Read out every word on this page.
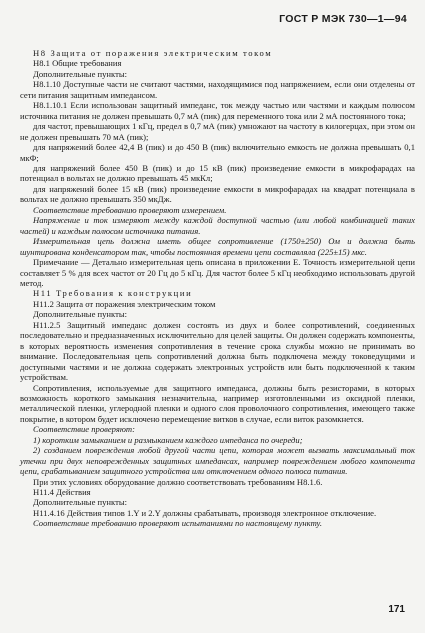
ГОСТ Р МЭК 730—1—94

Н8 Защита от поражения электрическим током

Н8.1 Общие требования

Дополнительные пункты:

Н8.1.10 Доступные части не считают частями, находящимися под напряжением, если они отделены от сети питания защитным импедансом.

Н8.1.10.1 Если использован защитный импеданс, ток между частью или частями и каждым полюсом источника питания не должен превышать 0,7 мА (пик) для переменного тока или 2 мА постоянного тока;

для частот, превышающих 1 кГц, предел в 0,7 мА (пик) умножают на частоту в килогерцах, при этом он не должен превышать 70 мА (пик);

для напряжений более 42,4 В (пик) и до 450 В (пик) включительно емкость не должна превышать 0,1 мкФ;

для напряжений более 450 В (пик) и до 15 кВ (пик) произведение емкости в микрофарадах на потенциал в вольтах не должно превышать 45 мкКл;

для напряжений более 15 кВ (пик) произведение емкости в микрофарадах на квадрат потенциала в вольтах не должно превышать 350 мкДж.

Соответствие требованию проверяют измерением.

Напряжение и ток измеряют между каждой доступной частью (или любой комбинацией таких частей) и каждым полюсом источника питания.

Измерительная цепь должна иметь общее сопротивление (1750±250) Ом и должна быть шунтирована конденсатором так, чтобы постоянная времени цепи составляла (225±15) мкс.

Примечание — Детально измерительная цепь описана в приложении Е. Точность измерительной цепи составляет 5 % для всех частот от 20 Гц до 5 кГц. Для частот более 5 кГц необходимо использовать другой метод.

Н11 Требования к конструкции

Н11.2 Защита от поражения электрическим током

Дополнительные пункты:

Н11.2.5 Защитный импеданс должен состоять из двух и более сопротивлений, соединенных последовательно и предназначенных исключительно для целей защиты. Он должен содержать компоненты, в которых вероятность изменения сопротивления в течение срока службы можно не принимать во внимание. Последовательная цепь сопротивлений должна быть подключена между токоведущими и доступными частями и не должна содержать электронных устройств или быть подключенной к таким устройствам.

Сопротивления, используемые для защитного импеданса, должны быть резисторами, в которых возможность короткого замыкания незначительна, например изготовленными из оксидной пленки, металлической пленки, углеродной пленки и одного слоя проволочного сопротивления, имеющего также покрытие, в котором будет исключено перемещение витков в случае, если виток разомкнется.

Соответствие проверяют:

1) коротким замыканием и размыканием каждого импеданса по очереди;

2) созданием повреждения любой другой части цепи, которая может вызвать максимальный ток утечки при двух неповрежденных защитных импедансах, например повреждением любого компонента цепи, срабатыванием защитного устройства или отключением одного полюса питания.

При этих условиях оборудование должно соответствовать требованиям Н8.1.6.

Н11.4 Действия

Дополнительные пункты:

Н11.4.16 Действия типов 1.Y и 2.Y должны срабатывать, производя электронное отключение.

Соответствие требованию проверяют испытаниями по настоящему пункту.

171
